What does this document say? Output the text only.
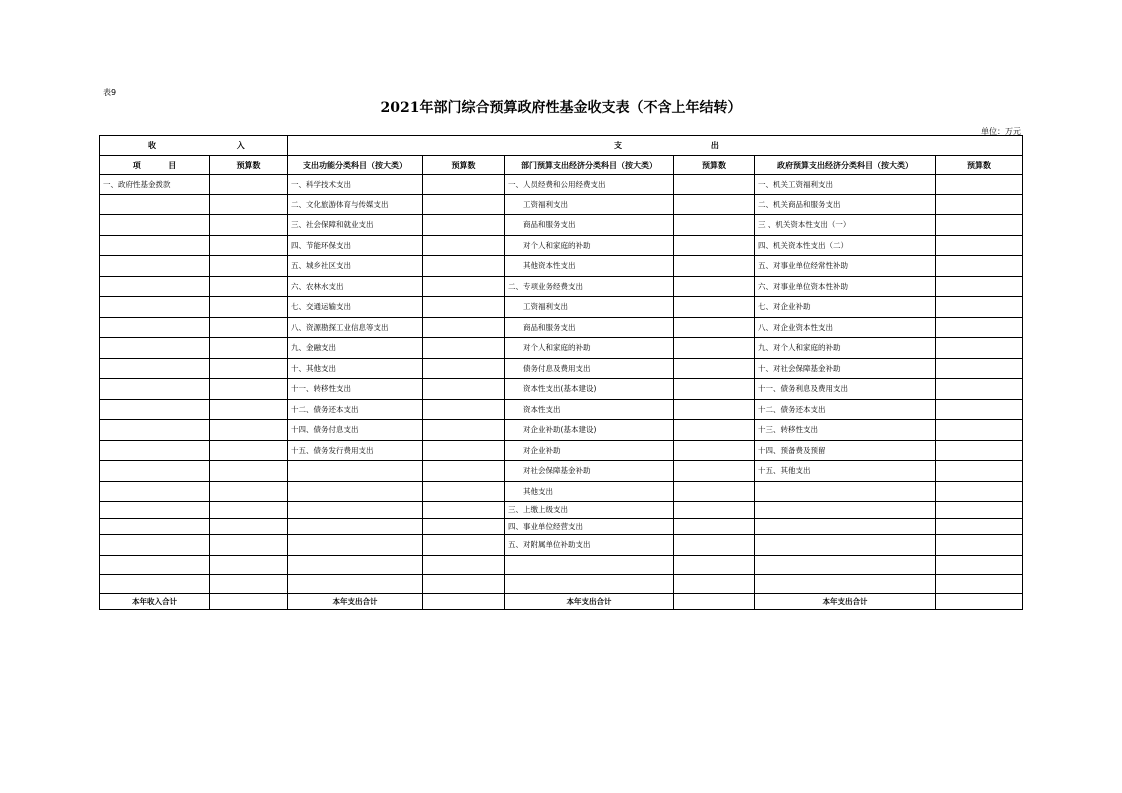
表9
2021年部门综合预算政府性基金收支表（不含上年结转）
单位：万元
收 入		支 出					
项 目	预算数	支出功能分类科目（按大类）	预算数	部门预算支出经济分类科目（按大类）	预算数	政府预算支出经济分类科目（按大类）	预算数
一、政府性基金拨款		一、科学技术支出		一、人员经费和公用经费支出		一、机关工资福利支出	
		二、文化旅游体育与传媒支出		工资福利支出		二、机关商品和服务支出	
		三、社会保障和就业支出		商品和服务支出		三 、机关资本性支出（一）	
		四、节能环保支出		对个人和家庭的补助		四、机关资本性支出（二）	
		五、城乡社区支出		其他资本性支出		五、对事业单位经常性补助	
		六、农林水支出		二、专项业务经费支出		六、对事业单位资本性补助	
		七、交通运输支出		工资福利支出		七、对企业补助	
		八、资源勘探工业信息等支出		商品和服务支出		八、对企业资本性支出	
		九、金融支出		对个人和家庭的补助		九、对个人和家庭的补助	
		十、其他支出		债务付息及费用支出		十、对社会保障基金补助	
		十一、转移性支出		资本性支出(基本建设)		十一、债务利息及费用支出	
		十二、债务还本支出		资本性支出		十二、债务还本支出	
		十四、债务付息支出		对企业补助(基本建设)		十三、转移性支出	
		十五、债务发行费用支出		对企业补助		十四、预备费及预留	
				对社会保障基金补助		十五、其他支出	
				其他支出			
				三、上缴上级支出			
				四、事业单位经营支出			
				五、对附属单位补助支出			

本年收入合计		本年支出合计		本年支出合计		本年支出合计	
